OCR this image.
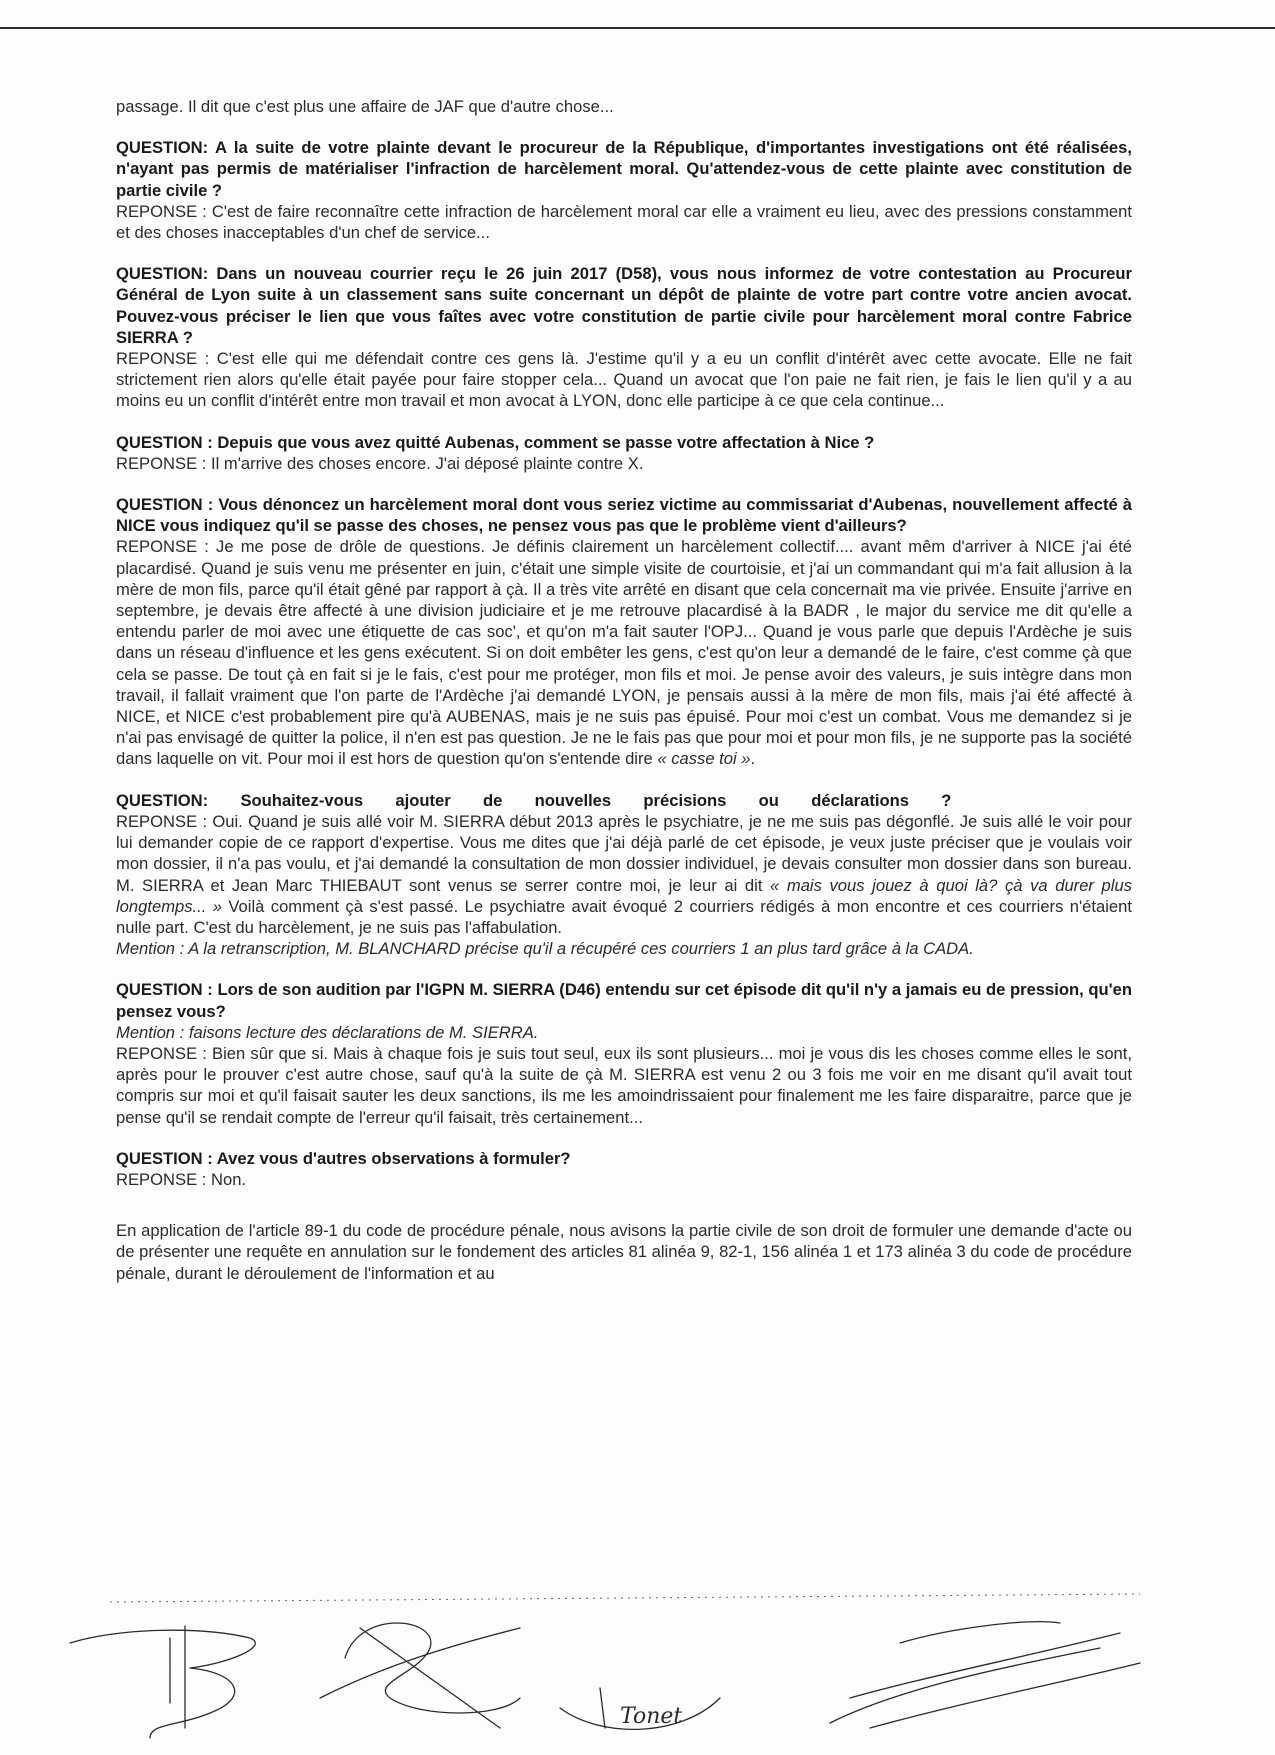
passage. Il dit que c'est plus une affaire de JAF que d'autre chose...

QUESTION: A la suite de votre plainte devant le procureur de la République, d'importantes investigations ont été réalisées, n'ayant pas permis de matérialiser l'infraction de harcèlement moral. Qu'attendez-vous de cette plainte avec constitution de partie civile ?

REPONSE : C'est de faire reconnaître cette infraction de harcèlement moral car elle a vraiment eu lieu, avec des pressions constamment et des choses inacceptables d'un chef de service...

QUESTION: Dans un nouveau courrier reçu le 26 juin 2017 (D58), vous nous informez de votre contestation au Procureur Général de Lyon suite à un classement sans suite concernant un dépôt de plainte de votre part contre votre ancien avocat. Pouvez-vous préciser le lien que vous faîtes avec votre constitution de partie civile pour harcèlement moral contre Fabrice SIERRA ?

REPONSE : C'est elle qui me défendait contre ces gens là. J'estime qu'il y a eu un conflit d'intérêt avec cette avocate. Elle ne fait strictement rien alors qu'elle était payée pour faire stopper cela... Quand un avocat que l'on paie ne fait rien, je fais le lien qu'il y a au moins eu un conflit d'intérêt entre mon travail et mon avocat à LYON, donc elle participe à ce que cela continue...

QUESTION : Depuis que vous avez quitté Aubenas, comment se passe votre affectation à Nice ?

REPONSE : Il m'arrive des choses encore. J'ai déposé plainte contre X.

QUESTION : Vous dénoncez un harcèlement moral dont vous seriez victime au commissariat d'Aubenas, nouvellement affecté à NICE vous indiquez qu'il se passe des choses, ne pensez vous pas que le problème vient d'ailleurs?

REPONSE : Je me pose de drôle de questions. Je définis clairement un harcèlement collectif.... avant mêm d'arriver à NICE j'ai été placardisé. Quand je suis venu me présenter en juin, c'était une simple visite de courtoisie, et j'ai un commandant qui m'a fait allusion à la mère de mon fils, parce qu'il était gêné par rapport à çà. Il a très vite arrêté en disant que cela concernait ma vie privée. Ensuite j'arrive en septembre, je devais être affecté à une division judiciaire et je me retrouve placardisé à la BADR , le major du service me dit qu'elle a entendu parler de moi avec une étiquette de cas soc', et qu'on m'a fait sauter l'OPJ... Quand je vous parle que depuis l'Ardèche je suis dans un réseau d'influence et les gens exécutent. Si on doit embêter les gens, c'est qu'on leur a demandé de le faire, c'est comme çà que cela se passe. De tout çà en fait si je le fais, c'est pour me protéger, mon fils et moi. Je pense avoir des valeurs, je suis intègre dans mon travail, il fallait vraiment que l'on parte de l'Ardèche j'ai demandé LYON, je pensais aussi à la mère de mon fils, mais j'ai été affecté à NICE, et NICE c'est probablement pire qu'à AUBENAS, mais je ne suis pas épuisé. Pour moi c'est un combat. Vous me demandez si je n'ai pas envisagé de quitter la police, il n'en est pas question. Je ne le fais pas que pour moi et pour mon fils, je ne supporte pas la société dans laquelle on vit. Pour moi il est hors de question qu'on s'entende dire « casse toi ».

QUESTION:       Souhaitez-vous       ajouter       de       nouvelles       précisions       ou       déclarations       ?

REPONSE : Oui. Quand je suis allé voir M. SIERRA début 2013 après le psychiatre, je ne me suis pas dégonflé. Je suis allé le voir pour lui demander copie de ce rapport d'expertise. Vous me dites que j'ai déjà parlé de cet épisode, je veux juste préciser que je voulais voir mon dossier, il n'a pas voulu, et j'ai demandé la consultation de mon dossier individuel, je devais consulter mon dossier dans son bureau. M. SIERRA et Jean Marc THIEBAUT sont venus se serrer contre moi, je leur ai dit « mais vous jouez à quoi là? çà va durer plus longtemps... » Voilà comment çà s'est passé. Le psychiatre avait évoqué 2 courriers rédigés à mon encontre et ces courriers n'étaient nulle part. C'est du harcèlement, je ne suis pas l'affabulation.

Mention : A la retranscription, M. BLANCHARD précise qu'il a récupéré ces courriers 1 an plus tard grâce à la CADA.

QUESTION : Lors de son audition par l'IGPN M. SIERRA (D46) entendu sur cet épisode dit qu'il n'y a jamais eu de pression, qu'en pensez vous?

Mention : faisons lecture des déclarations de M. SIERRA.

REPONSE : Bien sûr que si. Mais à chaque fois je suis tout seul, eux ils sont plusieurs... moi je vous dis les choses comme elles le sont, après pour le prouver c'est autre chose, sauf qu'à la suite de çà M. SIERRA est venu 2 ou 3 fois me voir en me disant qu'il avait tout compris sur moi et qu'il faisait sauter les deux sanctions, ils me les amoindrissaient pour finalement me les faire disparaitre, parce que je pense qu'il se rendait compte de l'erreur qu'il faisait, très certainement...

QUESTION : Avez vous d'autres observations à formuler?

REPONSE : Non.

En application de l'article 89-1 du code de procédure pénale, nous avisons la partie civile de son droit de formuler une demande d'acte ou de présenter une requête en annulation sur le fondement des articles 81 alinéa 9, 82-1, 156 alinéa 1 et 173 alinéa 3 du code de procédure pénale, durant le déroulement de l'information et au

Tonet
